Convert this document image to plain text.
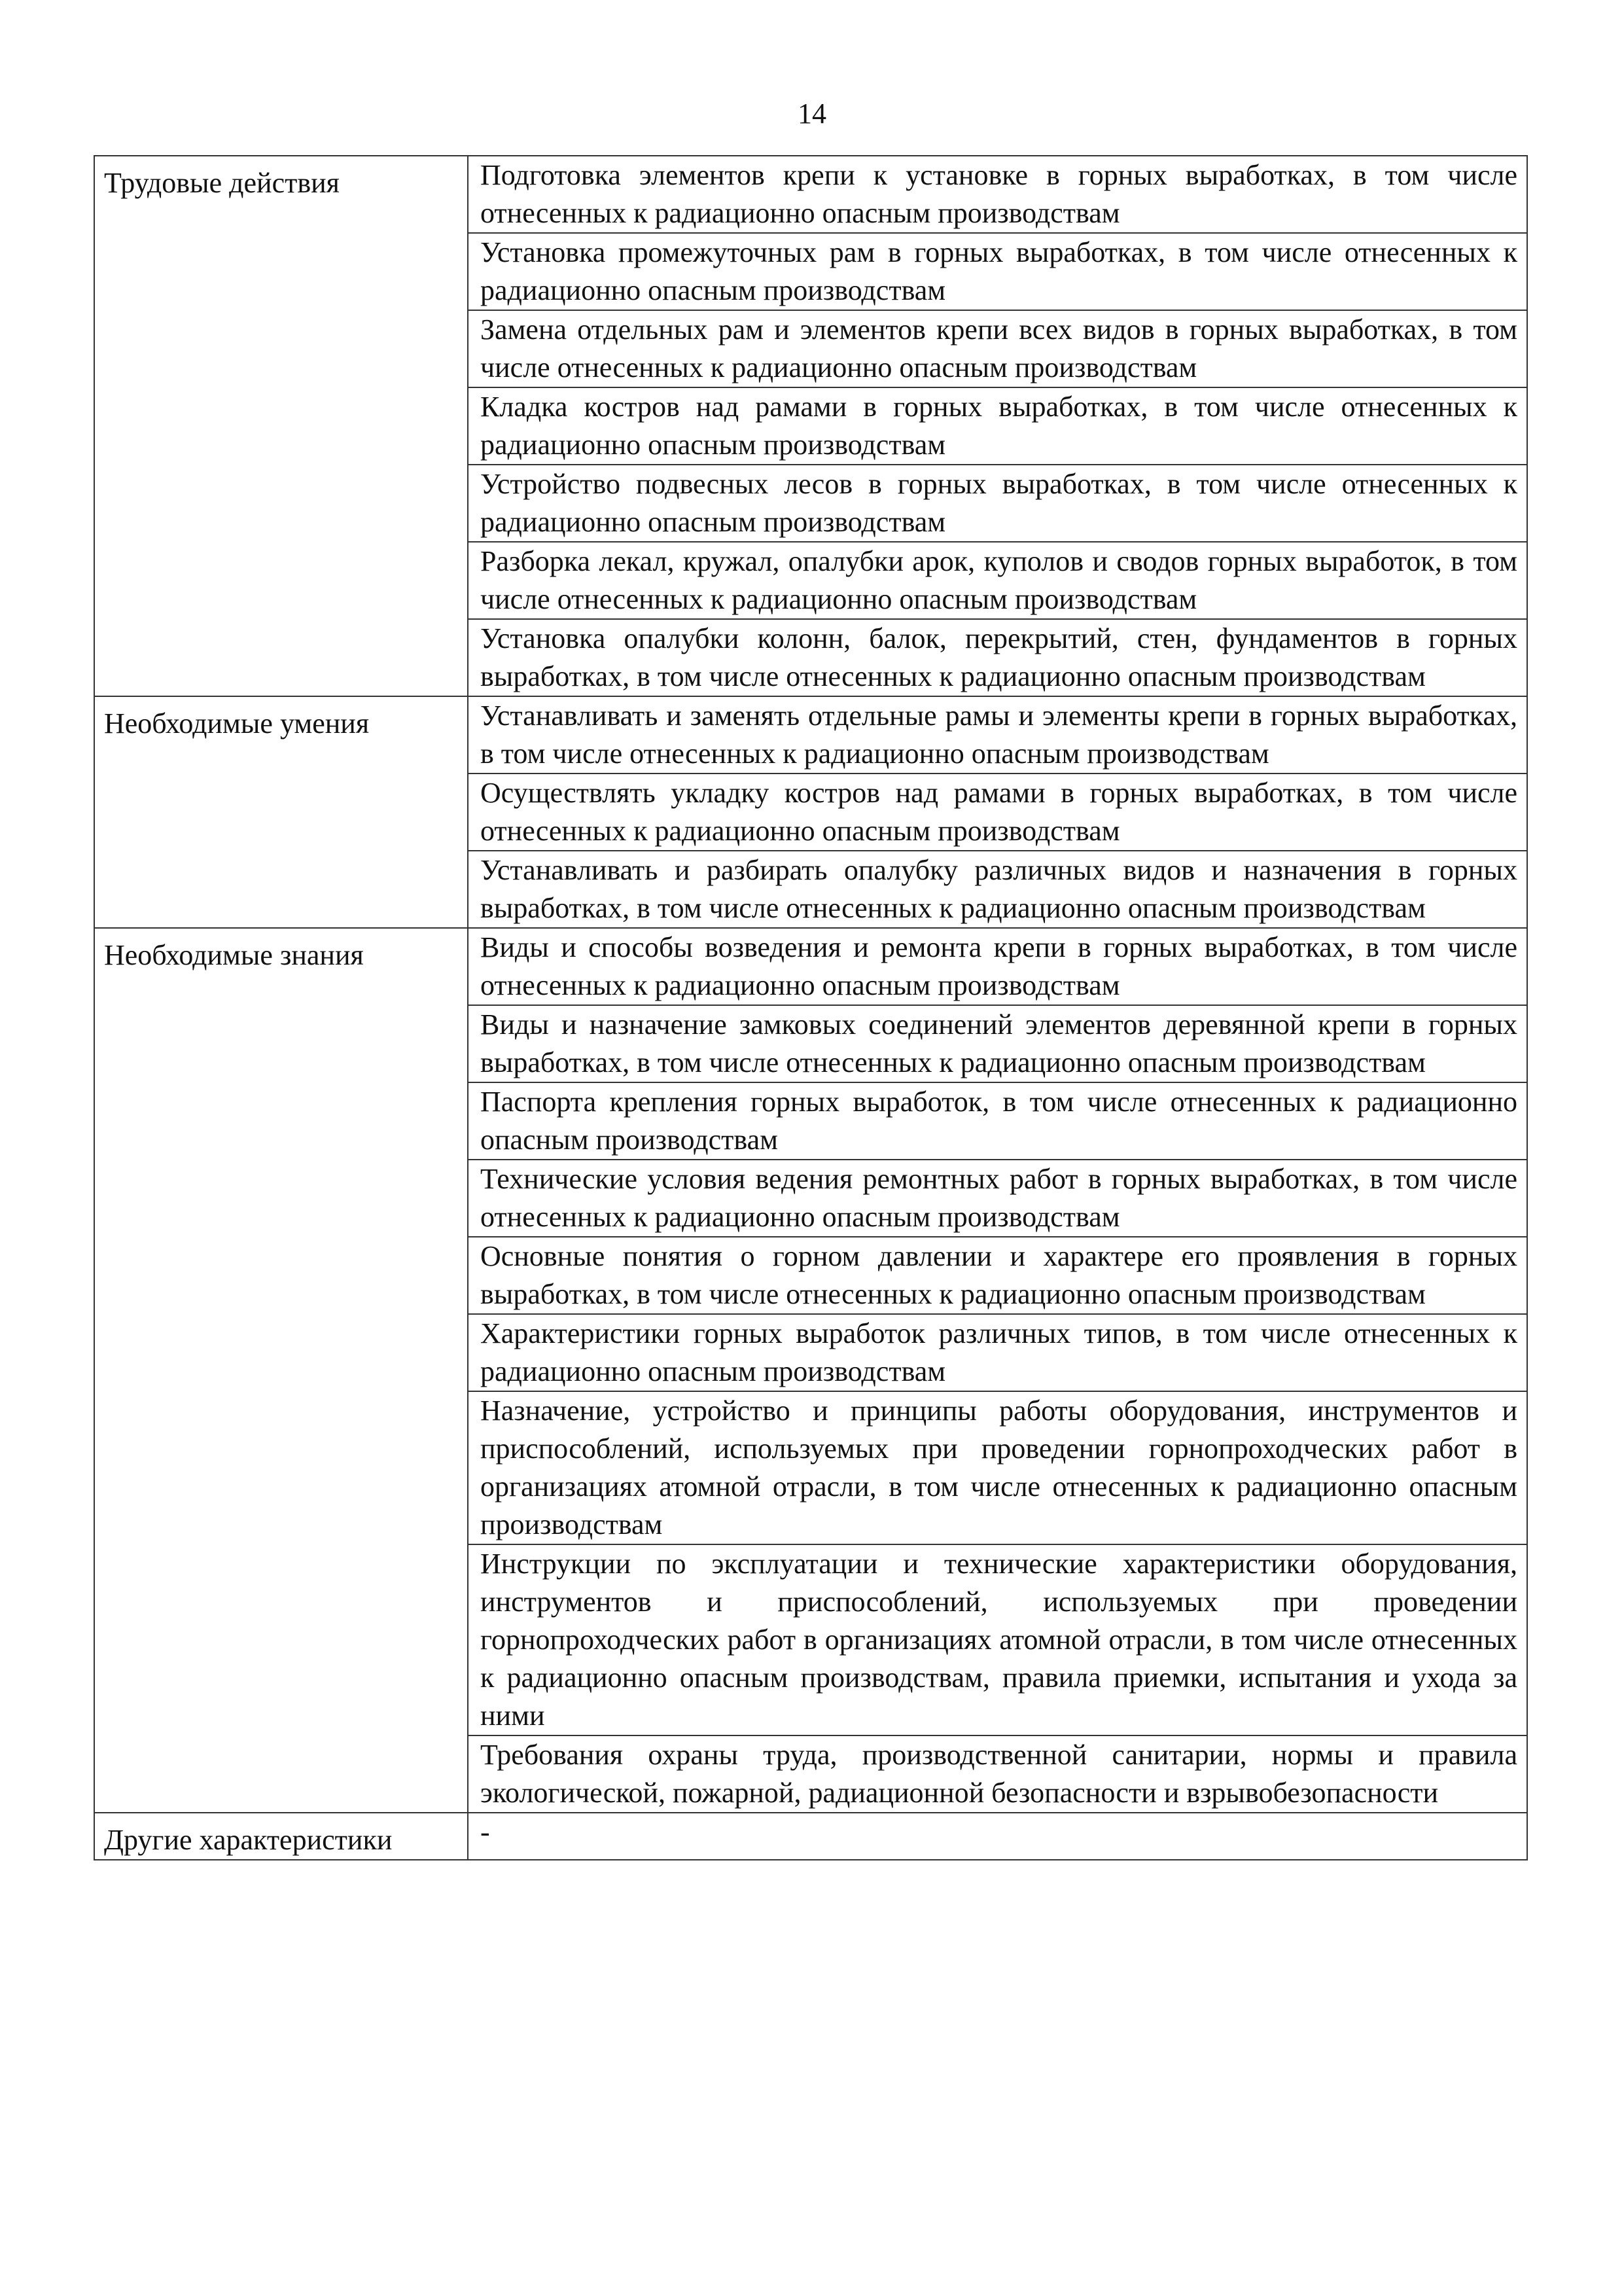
14
Трудовые действия	Подготовка элементов крепи к установке в горных выработках, в том числе отнесенных к радиационно опасным производствам
	Установка промежуточных рам в горных выработках, в том числе отнесенных к радиационно опасным производствам
	Замена отдельных рам и элементов крепи всех видов в горных выработках, в том числе отнесенных к радиационно опасным производствам
	Кладка костров над рамами в горных выработках, в том числе отнесенных к радиационно опасным производствам
	Устройство подвесных лесов в горных выработках, в том числе отнесенных к радиационно опасным производствам
	Разборка лекал, кружал, опалубки арок, куполов и сводов горных выработок, в том числе отнесенных к радиационно опасным производствам
	Установка опалубки колонн, балок, перекрытий, стен, фундаментов в горных выработках, в том числе отнесенных к радиационно опасным производствам
Необходимые умения	Устанавливать и заменять отдельные рамы и элементы крепи в горных выработках, в том числе отнесенных к радиационно опасным производствам
	Осуществлять укладку костров над рамами в горных выработках, в том числе отнесенных к радиационно опасным производствам
	Устанавливать и разбирать опалубку различных видов и назначения в горных выработках, в том числе отнесенных к радиационно опасным производствам
Необходимые знания	Виды и способы возведения и ремонта крепи в горных выработках, в том числе отнесенных к радиационно опасным производствам
	Виды и назначение замковых соединений элементов деревянной крепи в горных выработках, в том числе отнесенных к радиационно опасным производствам
	Паспорта крепления горных выработок, в том числе отнесенных к радиационно опасным производствам
	Технические условия ведения ремонтных работ в горных выработках, в том числе отнесенных к радиационно опасным производствам
	Основные понятия о горном давлении и характере его проявления в горных выработках, в том числе отнесенных к радиационно опасным производствам
	Характеристики горных выработок различных типов, в том числе отнесенных к радиационно опасным производствам
	Назначение, устройство и принципы работы оборудования, инструментов и приспособлений, используемых при проведении горнопроходческих работ в организациях атомной отрасли, в том числе отнесенных к радиационно опасным производствам
	Инструкции по эксплуатации и технические характеристики оборудования, инструментов и приспособлений, используемых при проведении горнопроходческих работ в организациях атомной отрасли, в том числе отнесенных к радиационно опасным производствам, правила приемки, испытания и ухода за ними
	Требования охраны труда, производственной санитарии, нормы и правила экологической, пожарной, радиационной безопасности и взрывобезопасности
Другие характеристики	-
